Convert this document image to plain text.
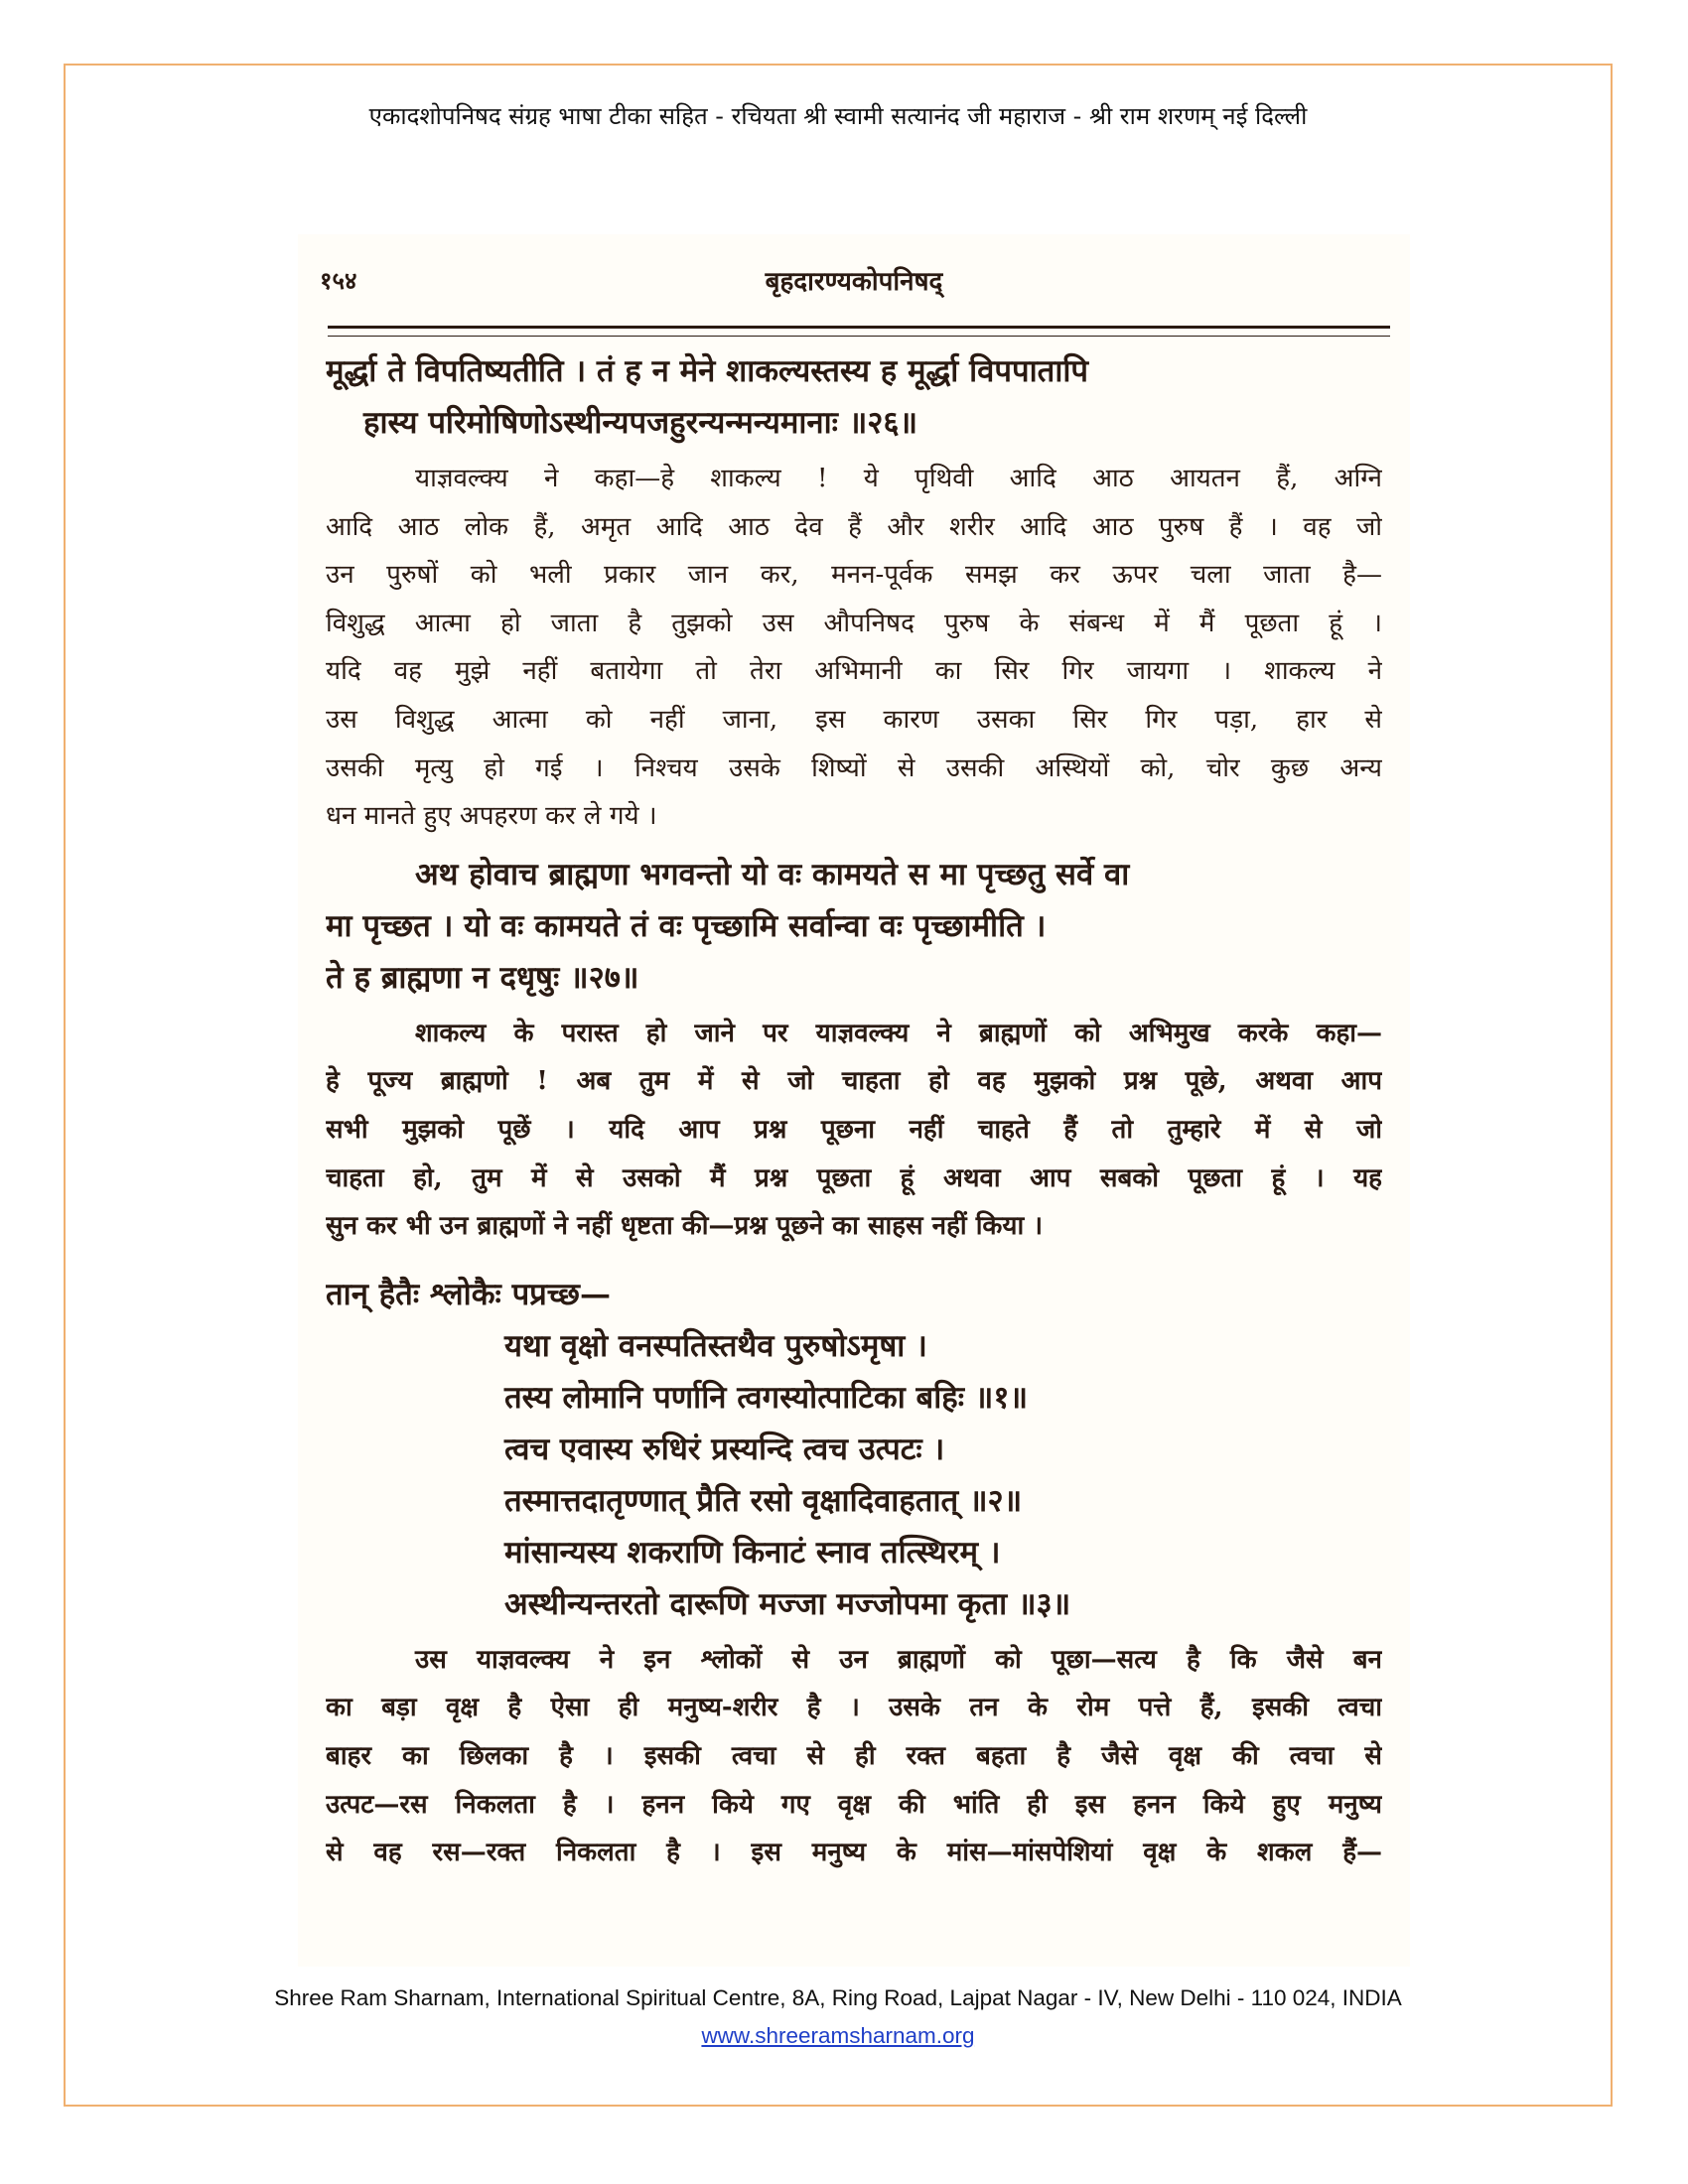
एकादशोपनिषद संग्रह भाषा टीका सहित - रचियता श्री स्वामी सत्यानंद जी महाराज - श्री राम शरणम् नई दिल्ली
१५४	बृहदारण्यकोपनिषद्
मूर्द्धा ते विपतिष्यतीति । तं ह न मेने शाकल्यस्तस्य ह मूर्द्धा विपपातापि
हास्य परिमोषिणोऽस्थीन्यपजहुरन्यन्मन्यमानाः ॥२६॥
याज्ञवल्क्य ने कहा—हे शाकल्य ! ये पृथिवी आदि आठ आयतन हैं, अग्नि
आदि आठ लोक हैं, अमृत आदि आठ देव हैं और शरीर आदि आठ पुरुष हैं । वह जो
उन पुरुषों को भली प्रकार जान कर, मनन-पूर्वक समझ कर ऊपर चला जाता है—
विशुद्ध आत्मा हो जाता है तुझको उस औपनिषद पुरुष के संबन्ध में मैं पूछता हूं ।
यदि वह मुझे नहीं बतायेगा तो तेरा अभिमानी का सिर गिर जायगा । शाकल्य ने
उस विशुद्ध आत्मा को नहीं जाना, इस कारण उसका सिर गिर पड़ा, हार से
उसकी मृत्यु हो गई । निश्चय उसके शिष्यों से उसकी अस्थियों को, चोर कुछ अन्य
धन मानते हुए अपहरण कर ले गये ।
अथ होवाच ब्राह्मणा भगवन्तो यो वः कामयते स मा पृच्छतु सर्वे वा
मा पृच्छत । यो वः कामयते तं वः पृच्छामि सर्वान्वा वः पृच्छामीति ।
ते ह ब्राह्मणा न दधृषुः ॥२७॥
शाकल्य के परास्त हो जाने पर याज्ञवल्क्य ने ब्राह्मणों को अभिमुख करके कहा—
हे पूज्य ब्राह्मणो ! अब तुम में से जो चाहता हो वह मुझको प्रश्न पूछे, अथवा आप
सभी मुझको पूछें । यदि आप प्रश्न पूछना नहीं चाहते हैं तो तुम्हारे में से जो
चाहता हो, तुम में से उसको मैं प्रश्न पूछता हूं अथवा आप सबको पूछता हूं । यह
सुन कर भी उन ब्राह्मणों ने नहीं धृष्टता की—प्रश्न पूछने का साहस नहीं किया ।
तान् हैतैः श्लोकैः पप्रच्छ—
यथा वृक्षो वनस्पतिस्तथैव पुरुषोऽमृषा ।
तस्य लोमानि पर्णानि त्वगस्योत्पाटिका बहिः ॥१॥
त्वच एवास्य रुधिरं प्रस्यन्दि त्वच उत्पटः ।
तस्मात्तदातृण्णात् प्रैति रसो वृक्षादिवाहतात् ॥२॥
मांसान्यस्य शकराणि किनाटं स्नाव तत्स्थिरम् ।
अस्थीन्यन्तरतो दारूणि मज्जा मज्जोपमा कृता ॥३॥
उस याज्ञवल्क्य ने इन श्लोकों से उन ब्राह्मणों को पूछा—सत्य है कि जैसे बन
का बड़ा वृक्ष है ऐसा ही मनुष्य-शरीर है । उसके तन के रोम पत्ते हैं, इसकी त्वचा
बाहर का छिलका है । इसकी त्वचा से ही रक्त बहता है जैसे वृक्ष की त्वचा से
उत्पट—रस निकलता है । हनन किये गए वृक्ष की भांति ही इस हनन किये हुए मनुष्य
से वह रस—रक्त निकलता है । इस मनुष्य के मांस—मांसपेशियां वृक्ष के शकल हैं—
Shree Ram Sharnam, International Spiritual Centre, 8A, Ring Road, Lajpat Nagar - IV, New Delhi - 110 024, INDIA
www.shreeramsharnam.org
